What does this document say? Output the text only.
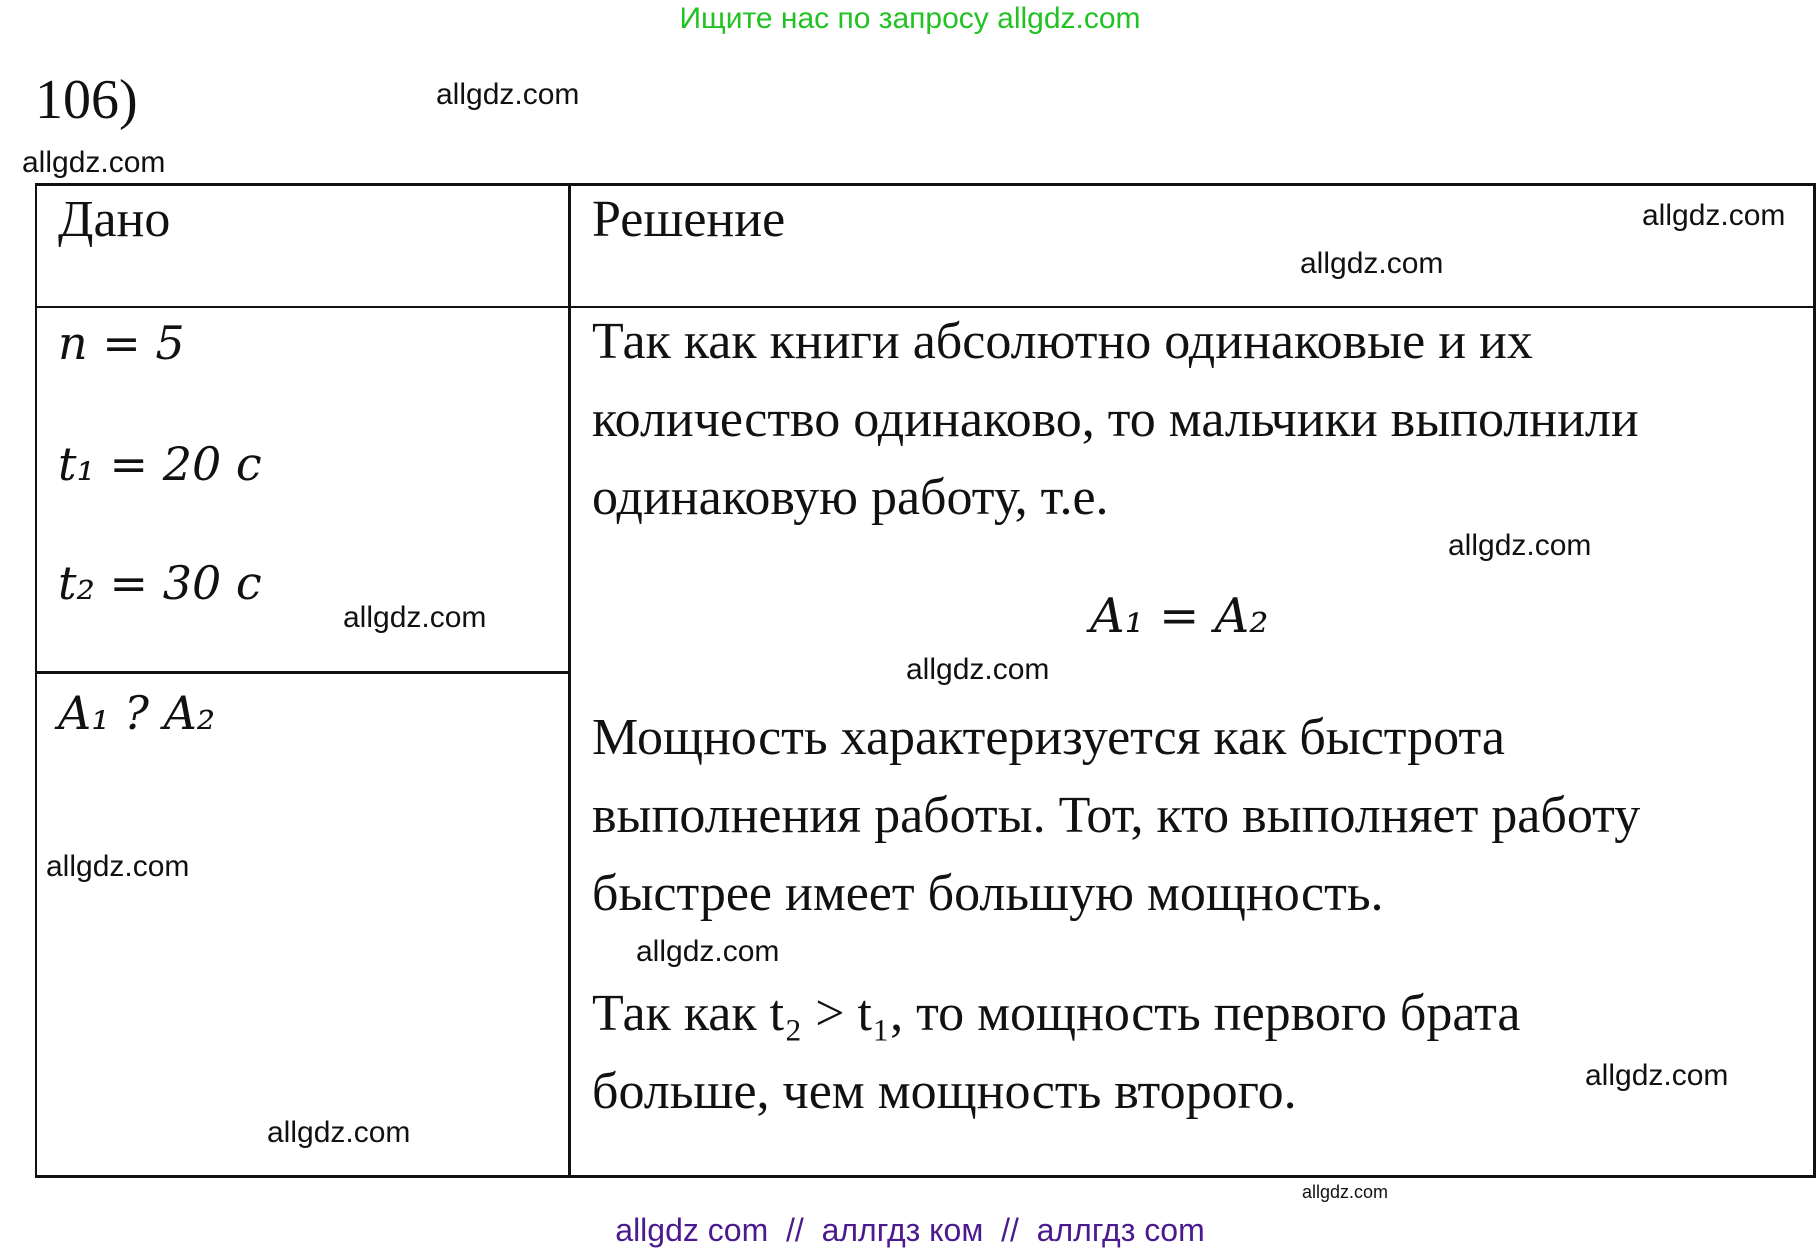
Ищите нас по запросу allgdz.com
106)	allgdz.com
allgdz.com
allgdz.com
allgdz.com
allgdz.com
allgdz.com
allgdz.com
allgdz.com
allgdz.com
allgdz.com
allgdz.com
allgdz.com
Дано	Решение
n = 5
t₁ = 20 c
t₂ = 30 c
A₁ ? A₂
Так как книги абсолютно одинаковые и их
количество одинаково, то мальчики выполнили
одинаковую работу, т.е.
A₁ = A₂
Мощность характеризуется как быстрота
выполнения работы. Тот, кто выполняет работу
быстрее имеет большую мощность.
Так как t₂ > t₁, то мощность первого брата
больше, чем мощность второго.
allgdz com  //  аллгдз ком  //  аллгдз com
